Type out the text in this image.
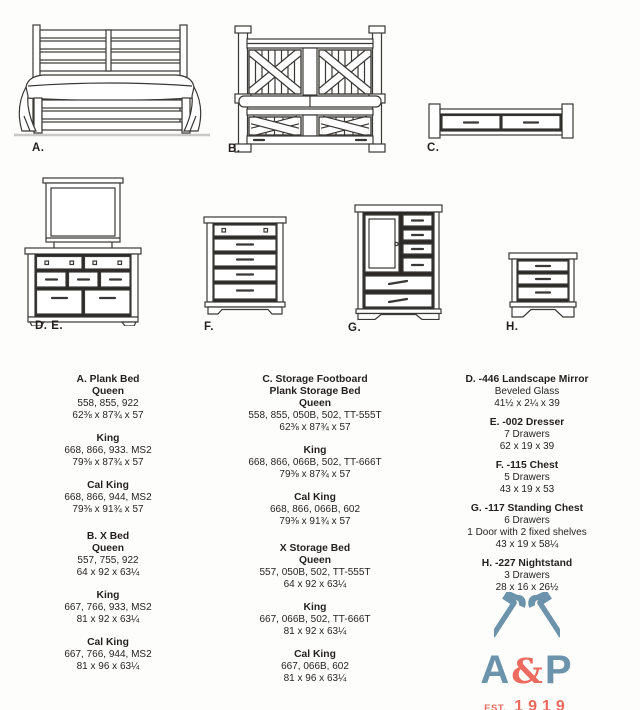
A.	B.	C.
D. E.	F.	G.	H.
A. Plank Bed
Queen
558, 855, 922
62⅜ x 87¾ x 57
King
668, 866, 933. MS2
79⅜ x 87¾ x 57
Cal King
668, 866, 944, MS2
79⅜ x 91¾ x 57
B. X Bed
Queen
557, 755, 922
64 x 92 x 63¼
King
667, 766, 933, MS2
81 x 92 x 63¼
Cal King
667, 766, 944, MS2
81 x 96 x 63¼
C. Storage Footboard
Plank Storage Bed
Queen
558, 855, 050B, 502, TT-555T
62⅜ x 87¾ x 57
King
668, 866, 066B, 502, TT-666T
79⅜ x 87¾ x 57
Cal King
668, 866, 066B, 602
79⅜ x 91¾ x 57
X Storage Bed
Queen
557, 050B, 502, TT-555T
64 x 92 x 63¼
King
667, 066B, 502, TT-666T
81 x 92 x 63¼
Cal King
667, 066B, 602
81 x 96 x 63¼
D. -446 Landscape Mirror
Beveled Glass
41½ x 2¼ x 39
E. -002 Dresser
7 Drawers
62 x 19 x 39
F. -115 Chest
5 Drawers
43 x 19 x 53
G. -117 Standing Chest
6 Drawers
1 Door with 2 fixed shelves
43 x 19 x 58¼
H. -227 Nightstand
3 Drawers
28 x 16 x 26½
A&P
EST. 1919
